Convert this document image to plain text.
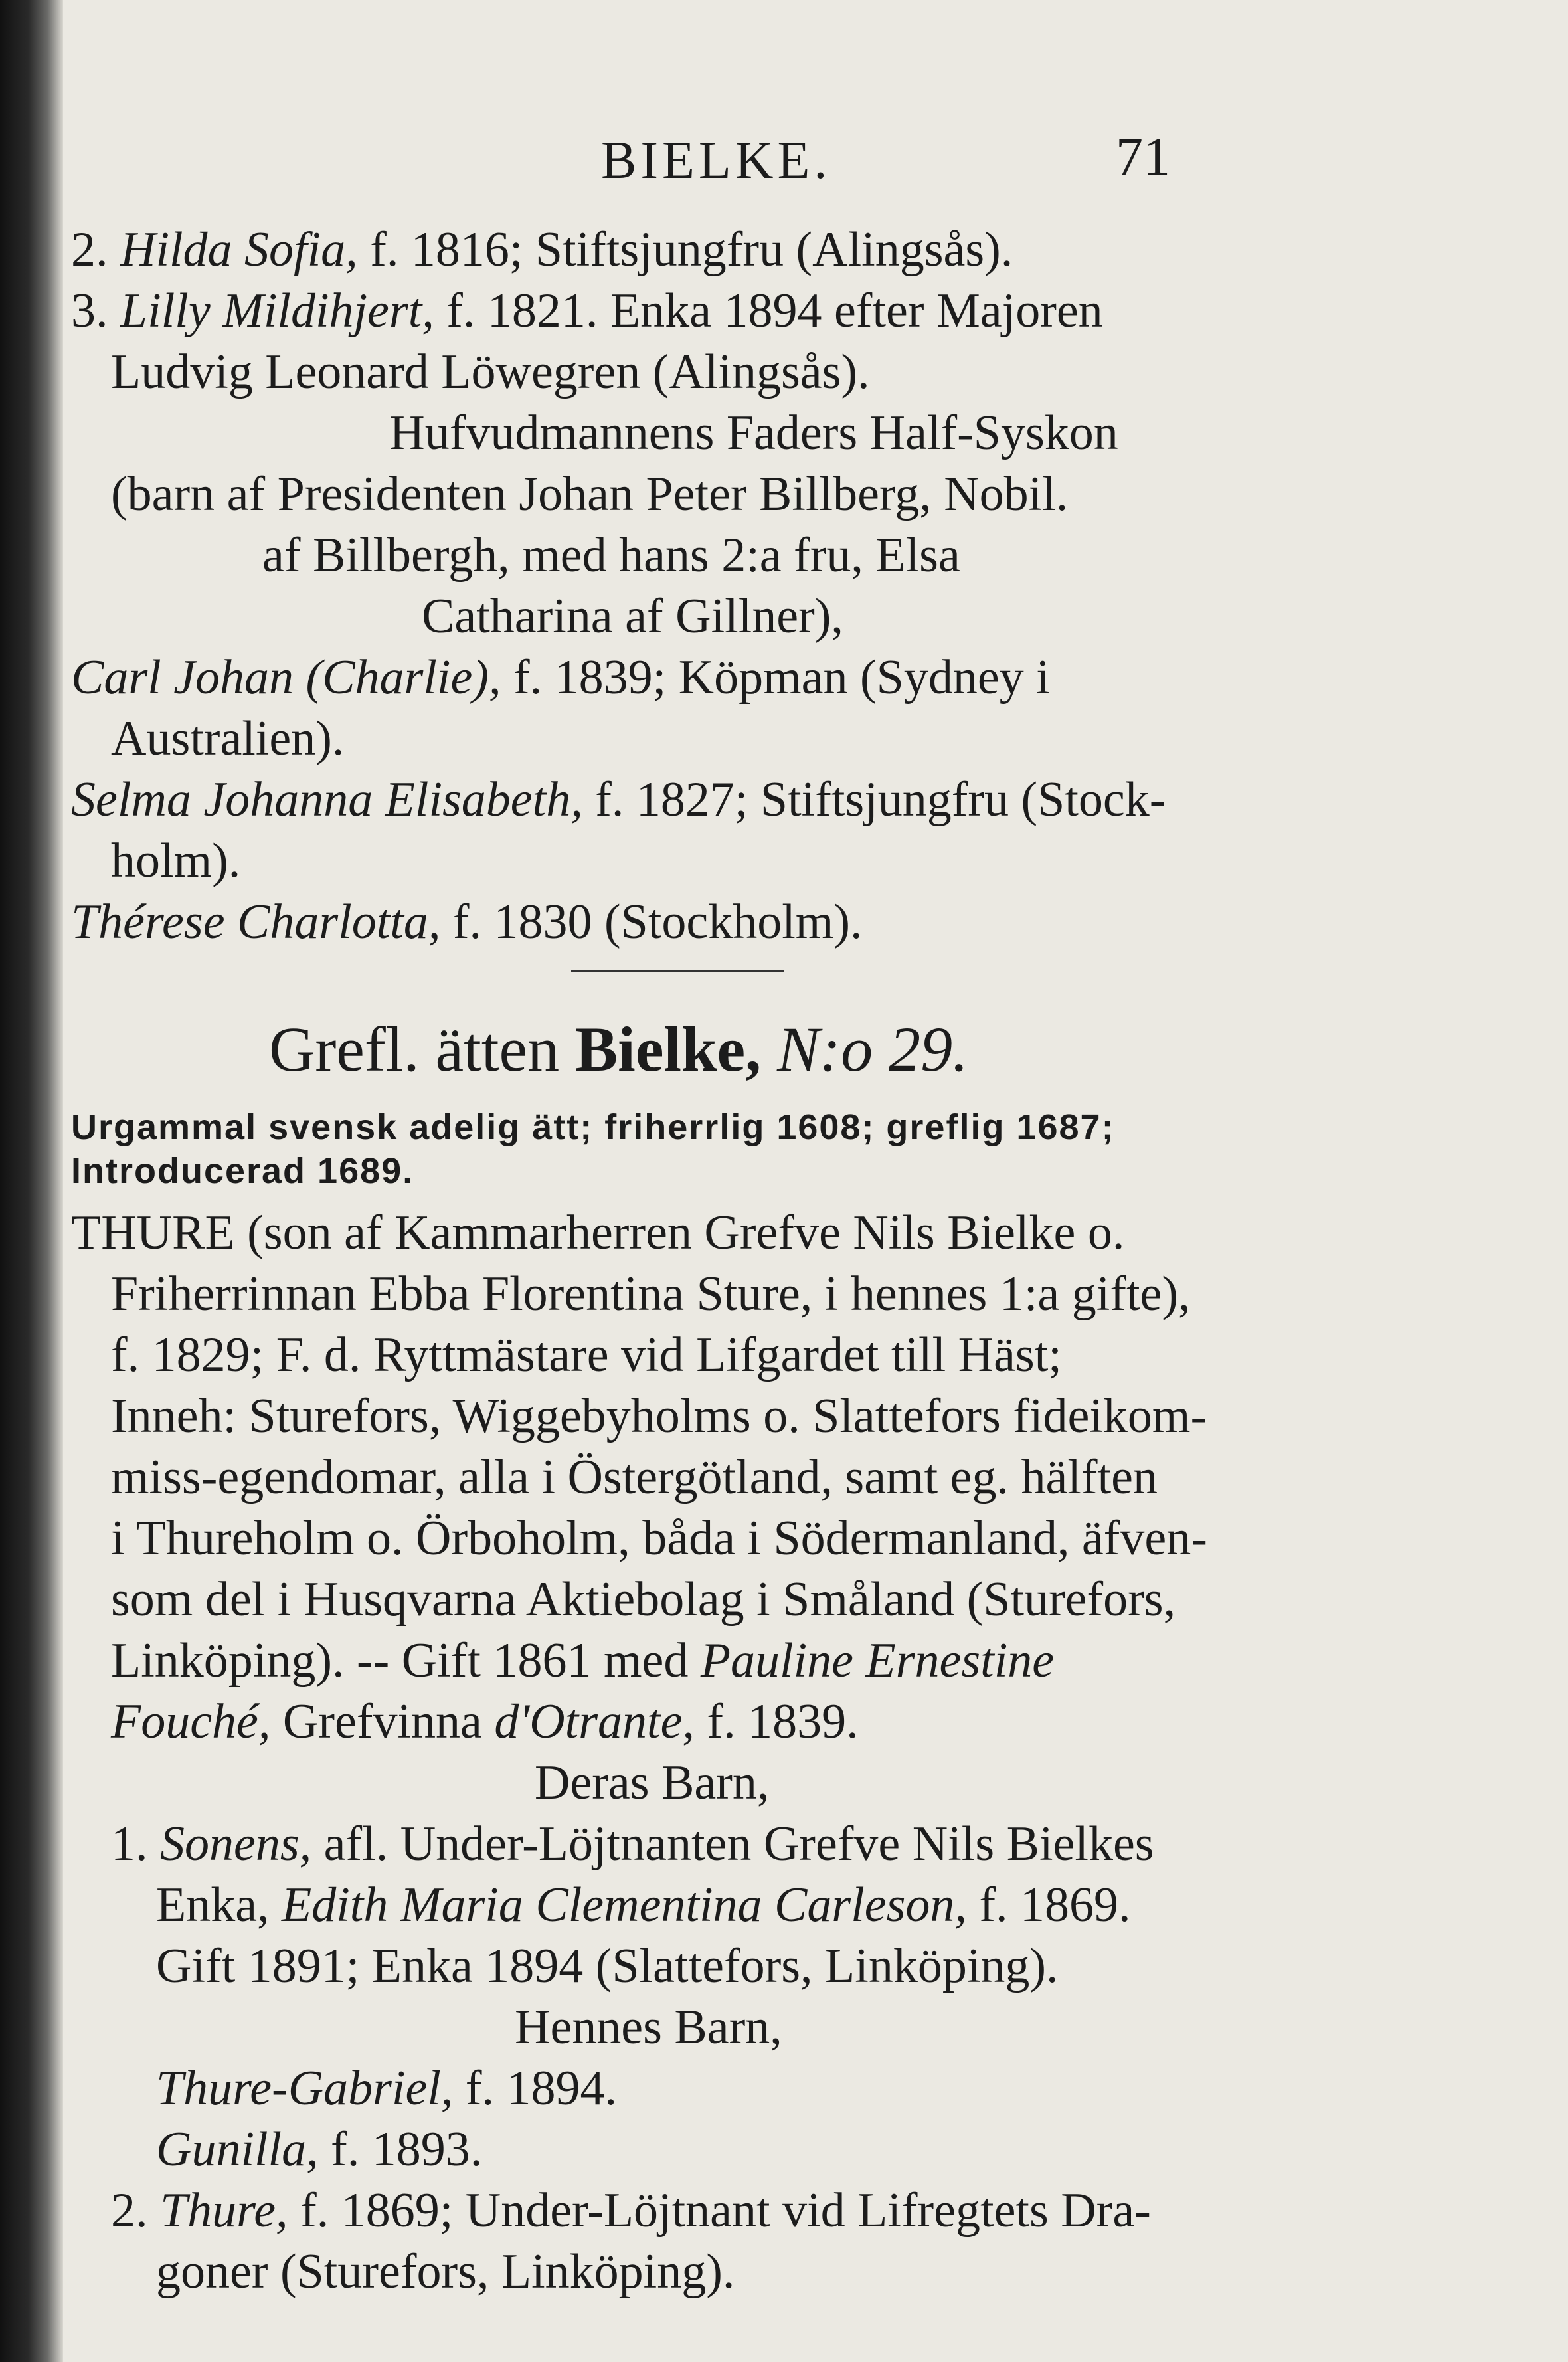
BIELKE.	71
2. Hilda Sofia, f. 1816; Stiftsjungfru (Alingsås).
3. Lilly Mildihjert, f. 1821. Enka 1894 efter Majoren
Ludvig Leonard Löwegren (Alingsås).
Hufvudmannens Faders Half-Syskon
(barn af Presidenten Johan Peter Billberg, Nobil.
af Billbergh, med hans 2:a fru, Elsa
Catharina af Gillner),
Carl Johan (Charlie), f. 1839; Köpman (Sydney i
Australien).
Selma Johanna Elisabeth, f. 1827; Stiftsjungfru (Stock-
holm).
Thérese Charlotta, f. 1830 (Stockholm).
Grefl. ätten Bielke, N:o 29.
Urgammal svensk adelig ätt; friherrlig 1608; greflig 1687;
Introducerad 1689.
THURE (son af Kammarherren Grefve Nils Bielke o.
Friherrinnan Ebba Florentina Sture, i hennes 1:a gifte),
f. 1829; F. d. Ryttmästare vid Lifgardet till Häst;
Inneh: Sturefors, Wiggebyholms o. Slattefors fideikom-
miss-egendomar, alla i Östergötland, samt eg. hälften
i Thureholm o. Örboholm, båda i Södermanland, äfven-
som del i Husqvarna Aktiebolag i Småland (Sturefors,
Linköping). -- Gift 1861 med Pauline Ernestine
Fouché, Grefvinna d'Otrante, f. 1839.
Deras Barn,
1. Sonens, afl. Under-Löjtnanten Grefve Nils Bielkes
Enka, Edith Maria Clementina Carleson, f. 1869.
Gift 1891; Enka 1894 (Slattefors, Linköping).
Hennes Barn,
Thure-Gabriel, f. 1894.
Gunilla, f. 1893.
2. Thure, f. 1869; Under-Löjtnant vid Lifregtets Dra-
goner (Sturefors, Linköping).
